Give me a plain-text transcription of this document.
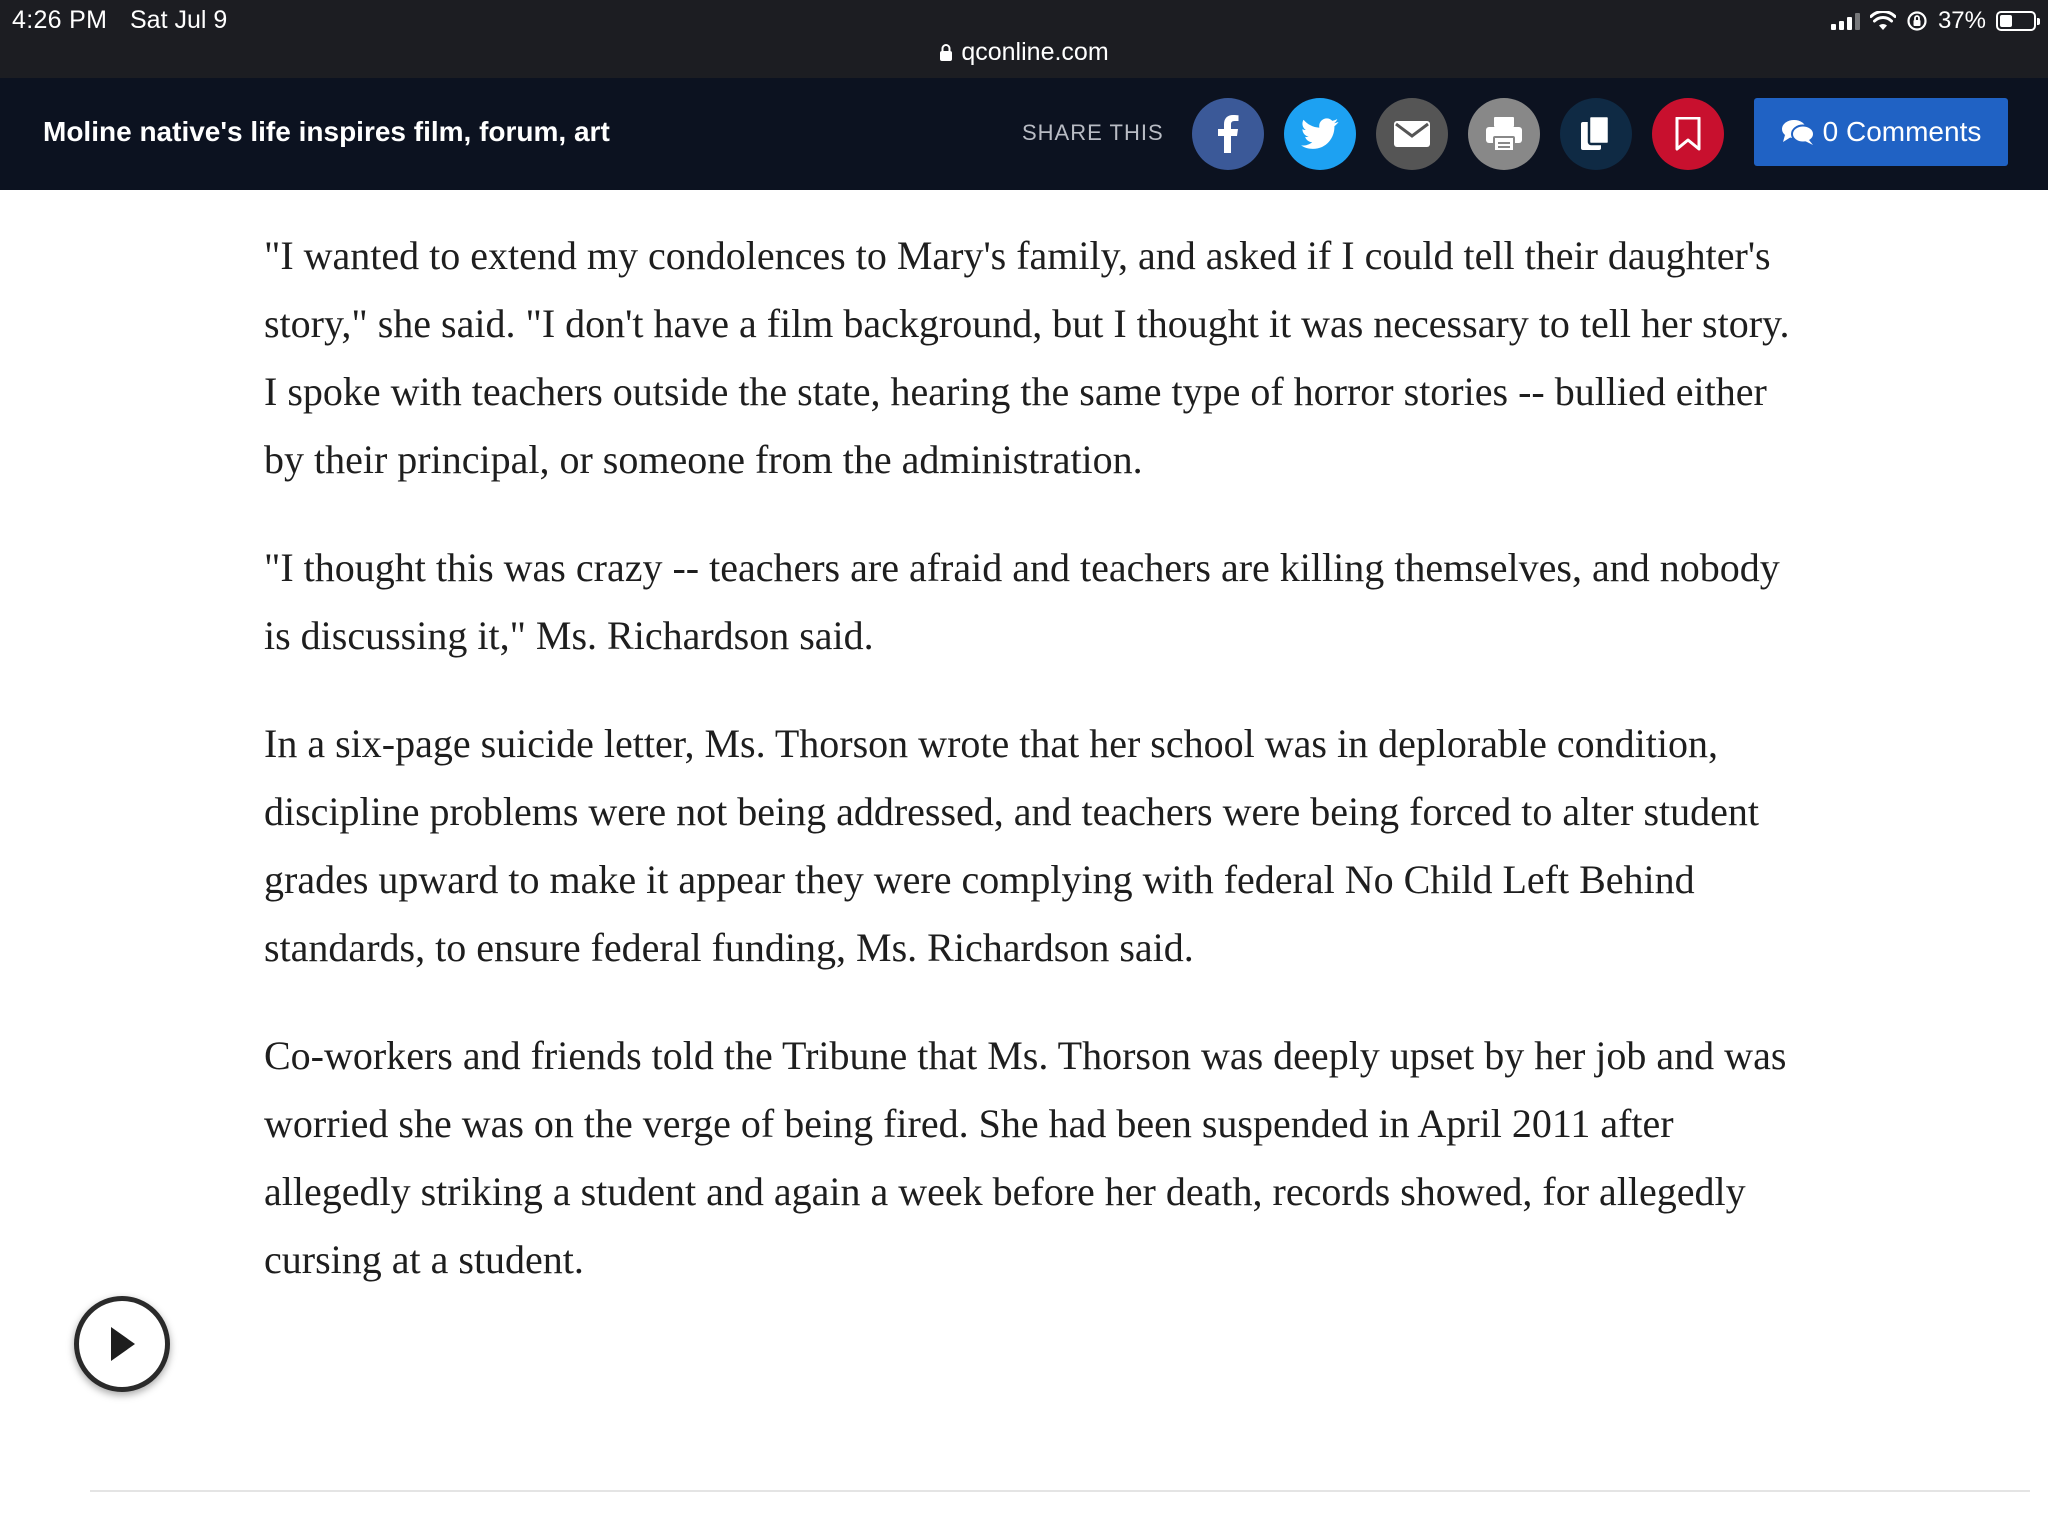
4:26 PM Sat Jul 9	37%
qconline.com
Moline native's life inspires film, forum, art	SHARE THIS	0 Comments

"I wanted to extend my condolences to Mary's family, and asked if I could tell their daughter's story," she said. "I don't have a film background, but I thought it was necessary to tell her story. I spoke with teachers outside the state, hearing the same type of horror stories -- bullied either by their principal, or someone from the administration.

"I thought this was crazy -- teachers are afraid and teachers are killing themselves, and nobody is discussing it," Ms. Richardson said.

In a six-page suicide letter, Ms. Thorson wrote that her school was in deplorable condition, discipline problems were not being addressed, and teachers were being forced to alter student grades upward to make it appear they were complying with federal No Child Left Behind standards, to ensure federal funding, Ms. Richardson said.

Co-workers and friends told the Tribune that Ms. Thorson was deeply upset by her job and was worried she was on the verge of being fired. She had been suspended in April 2011 after allegedly striking a student and again a week before her death, records showed, for allegedly cursing at a student.
